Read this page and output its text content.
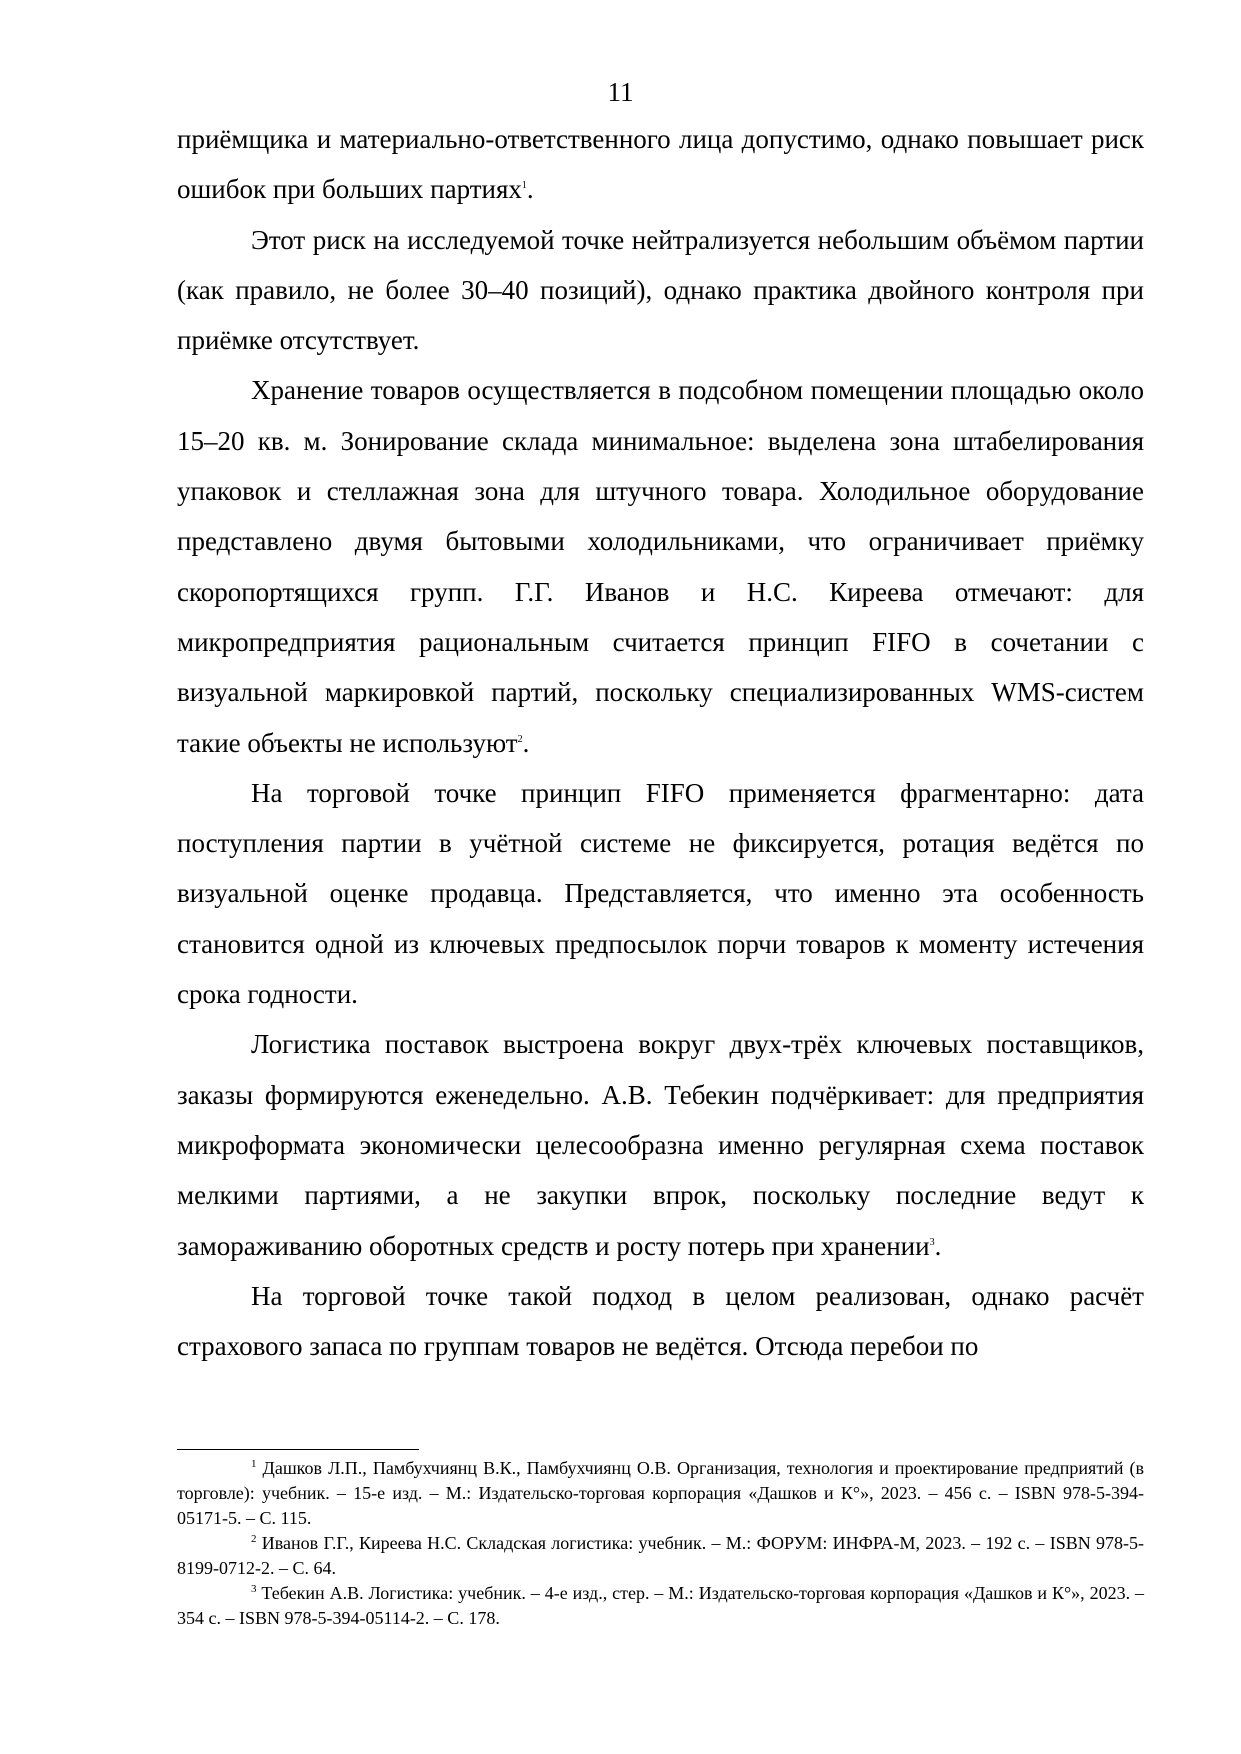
11

приёмщика и материально-ответственного лица допустимо, однако повышает риск ошибок при больших партиях$^1$.

Этот риск на исследуемой точке нейтрализуется небольшим объёмом партии (как правило, не более 30–40 позиций), однако практика двойного контроля при приёмке отсутствует.

Хранение товаров осуществляется в подсобном помещении площадью около 15–20 кв. м. Зонирование склада минимальное: выделена зона штабелирования упаковок и стеллажная зона для штучного товара. Холодильное оборудование представлено двумя бытовыми холодильниками, что ограничивает приёмку скоропортящихся групп. Г.Г. Иванов и Н.С. Киреева отмечают: для микропредприятия рациональным считается принцип FIFO в сочетании с визуальной маркировкой партий, поскольку специализированных WMS-систем такие объекты не используют$^2$.

На торговой точке принцип FIFO применяется фрагментарно: дата поступления партии в учётной системе не фиксируется, ротация ведётся по визуальной оценке продавца. Представляется, что именно эта особенность становится одной из ключевых предпосылок порчи товаров к моменту истечения срока годности.

Логистика поставок выстроена вокруг двух-трёх ключевых поставщиков, заказы формируются еженедельно. А.В. Тебекин подчёркивает: для предприятия микроформата экономически целесообразна именно регулярная схема поставок мелкими партиями, а не закупки впрок, поскольку последние ведут к замораживанию оборотных средств и росту потерь при хранении$^3$.

На торговой точке такой подход в целом реализован, однако расчёт страхового запаса по группам товаров не ведётся. Отсюда перебои по

$^1$ Дашков Л.П., Памбухчиянц В.К., Памбухчиянц О.В. Организация, технология и проектирование предприятий (в торговле): учебник. – 15-е изд. – М.: Издательско-торговая корпорация «Дашков и К°», 2023. – 456 с. – ISBN 978-5-394-05171-5. – С. 115.

$^2$ Иванов Г.Г., Киреева Н.С. Складская логистика: учебник. – М.: ФОРУМ: ИНФРА-М, 2023. – 192 с. – ISBN 978-5-8199-0712-2. – С. 64.

$^3$ Тебекин А.В. Логистика: учебник. – 4-е изд., стер. – М.: Издательско-торговая корпорация «Дашков и К°», 2023. – 354 с. – ISBN 978-5-394-05114-2. – С. 178.
